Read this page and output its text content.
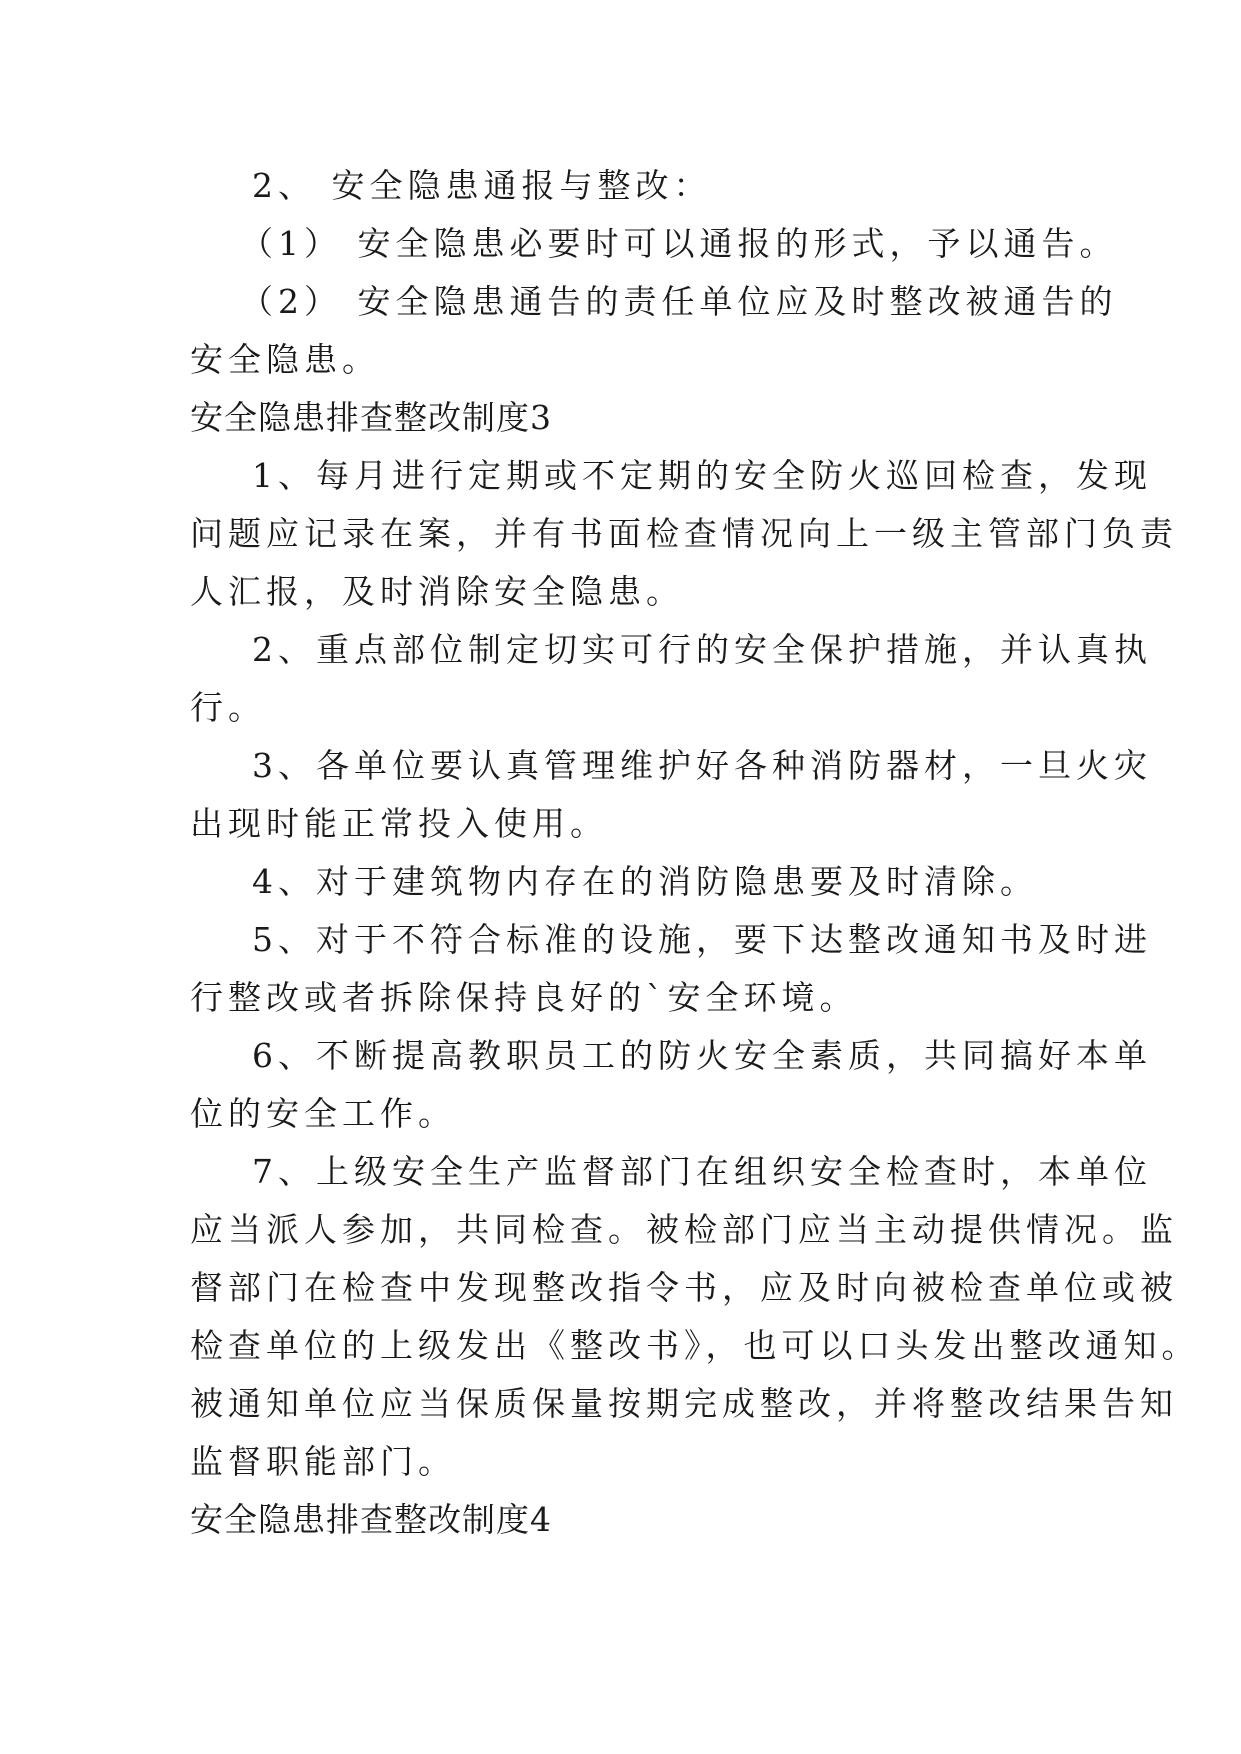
2、 安全隐患通报与整改：
（1） 安全隐患必要时可以通报的形式，予以通告。
（2） 安全隐患通告的责任单位应及时整改被通告的
安全隐患。
安全隐患排查整改制度3
1、每月进行定期或不定期的安全防火巡回检查，发现
问题应记录在案，并有书面检查情况向上一级主管部门负责
人汇报，及时消除安全隐患。
2、重点部位制定切实可行的安全保护措施，并认真执
行。
3、各单位要认真管理维护好各种消防器材，一旦火灾
出现时能正常投入使用。
4、对于建筑物内存在的消防隐患要及时清除。
5、对于不符合标准的设施，要下达整改通知书及时进
行整改或者拆除保持良好的`安全环境。
6、不断提高教职员工的防火安全素质，共同搞好本单
位的安全工作。
7、上级安全生产监督部门在组织安全检查时，本单位
应当派人参加，共同检查。被检部门应当主动提供情况。监
督部门在检查中发现整改指令书，应及时向被检查单位或被
检查单位的上级发出《整改书》，也可以口头发出整改通知。
被通知单位应当保质保量按期完成整改，并将整改结果告知
监督职能部门。
安全隐患排查整改制度4
